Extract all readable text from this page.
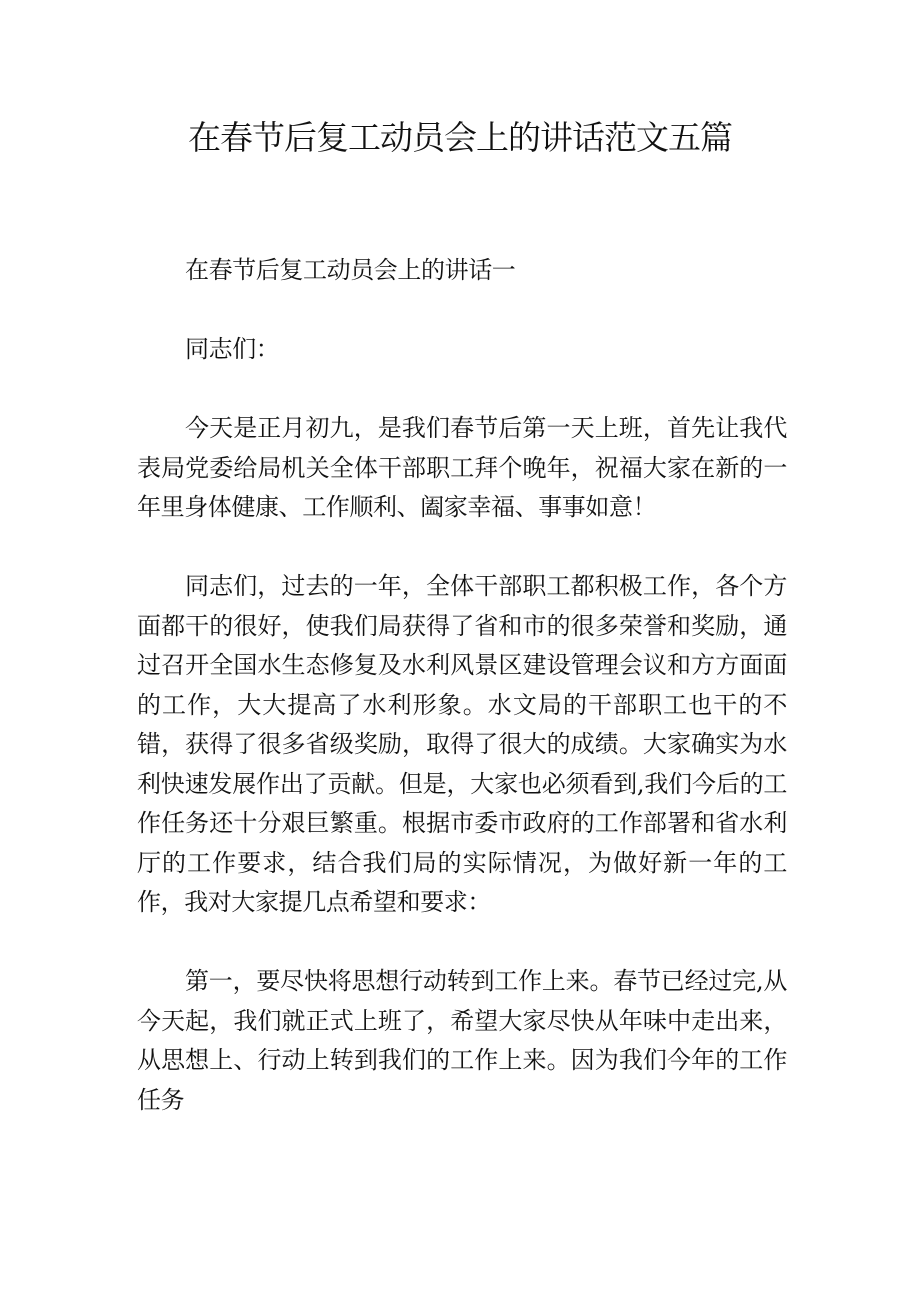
在春节后复工动员会上的讲话范文五篇

在春节后复工动员会上的讲话一

同志们：

今天是正月初九，是我们春节后第一天上班，首先让我代表局党委给局机关全体干部职工拜个晚年，祝福大家在新的一年里身体健康、工作顺利、阖家幸福、事事如意！

同志们，过去的一年，全体干部职工都积极工作，各个方面都干的很好，使我们局获得了省和市的很多荣誉和奖励，通过召开全国水生态修复及水利风景区建设管理会议和方方面面的工作，大大提高了水利形象。水文局的干部职工也干的不错，获得了很多省级奖励，取得了很大的成绩。大家确实为水利快速发展作出了贡献。但是，大家也必须看到,我们今后的工作任务还十分艰巨繁重。根据市委市政府的工作部署和省水利厅的工作要求，结合我们局的实际情况，为做好新一年的工作，我对大家提几点希望和要求：

第一，要尽快将思想行动转到工作上来。春节已经过完,从今天起，我们就正式上班了，希望大家尽快从年味中走出来，从思想上、行动上转到我们的工作上来。因为我们今年的工作任务
